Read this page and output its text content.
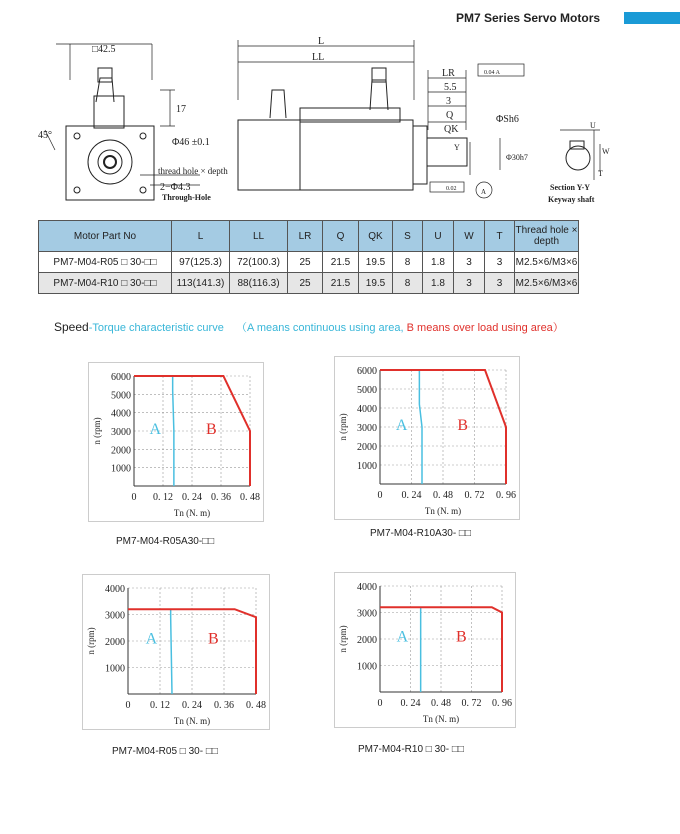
PM7 Series Servo Motors
□42.5
17
45°
Φ46 ±0.1
thread hole × depth
2−Φ4.3
Through-Hole
L
LL
LR
5.5
3
Q
QK
ΦSh6
Φ30h7
0.04 A
0.02	A
Y
U
W
T
Section Y-Y
Keyway shaft
Motor Part No	L	LL	LR	Q	QK	S	U	W	T	Thread hole × depth
PM7-M04-R05 □ 30-□□	97(125.3)	72(100.3)	25	21.5	19.5	8	1.8	3	3	M2.5×6/M3×6
PM7-M04-R10 □ 30-□□	113(141.3)	88(116.3)	25	21.5	19.5	8	1.8	3	3	M2.5×6/M3×6
Speed-Torque characteristic curve （A means continuous using area, B means over load using area）
1000
2000
3000
4000
5000
6000
0 0. 12 0. 24 0. 36 0. 48
Tn (N. m)
n (rpm)	A	B
1000
2000
3000
4000
5000
6000
0 0. 24 0. 48 0. 72 0. 96
Tn (N. m)
n (rpm)	A	B
1000
2000
3000
4000
0 0. 12 0. 24 0. 36 0. 48
Tn (N. m)
n (rpm)	A	B
1000
2000
3000
4000
0 0. 24 0. 48 0. 72 0. 96
Tn (N. m)
n (rpm)	A	B
PM7-M04-R05A30-□□
PM7-M04-R10A30- □□
PM7-M04-R05 □ 30- □□	PM7-M04-R10 □ 30- □□
